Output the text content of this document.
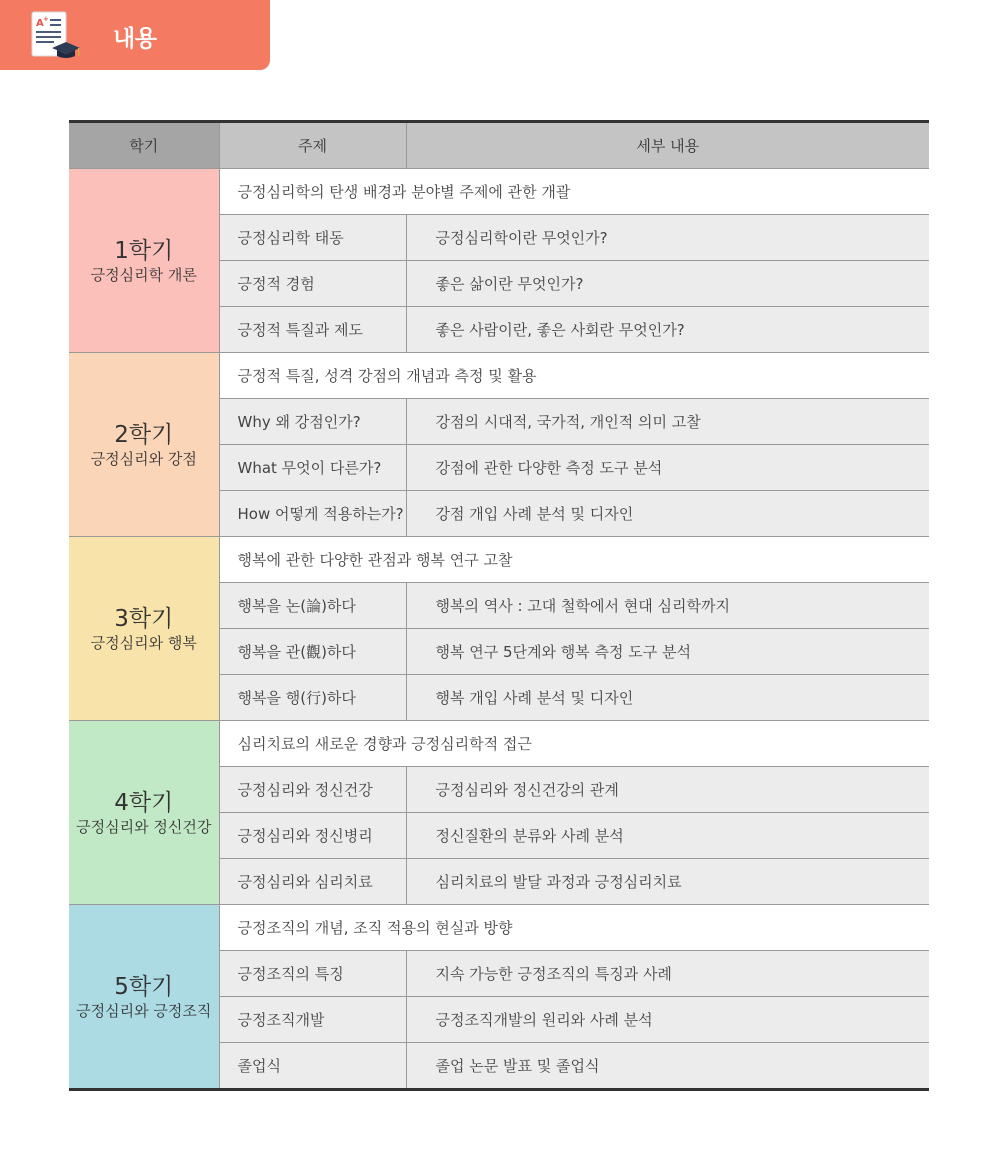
A +
내용
학기	주제	세부 내용

1학기
긍정심리학 개론	긍정심리학의 탄생 배경과 분야별 주제에 관한 개괄	
	긍정심리학 태동	긍정심리학이란 무엇인가?
	긍정적 경험	좋은 삶이란 무엇인가?
	긍정적 특질과 제도	좋은 사람이란, 좋은 사회란 무엇인가?

2학기
긍정심리와 강점	긍정적 특질, 성격 강점의 개념과 측정 및 활용	
	Why 왜 강점인가?	강점의 시대적, 국가적, 개인적 의미 고찰
	What 무엇이 다른가?	강점에 관한 다양한 측정 도구 분석
	How 어떻게 적용하는가?	강점 개입 사례 분석 및 디자인

3학기
긍정심리와 행복	행복에 관한 다양한 관점과 행복 연구 고찰	
	행복을 논(論)하다	행복의 역사 : 고대 철학에서 현대 심리학까지
	행복을 관(觀)하다	행복 연구 5단계와 행복 측정 도구 분석
	행복을 행(行)하다	행복 개입 사례 분석 및 디자인

4학기
긍정심리와 정신건강	심리치료의 새로운 경향과 긍정심리학적 접근	
	긍정심리와 정신건강	긍정심리와 정신건강의 관계
	긍정심리와 정신병리	정신질환의 분류와 사례 분석
	긍정심리와 심리치료	심리치료의 발달 과정과 긍정심리치료

5학기
긍정심리와 긍정조직	긍정조직의 개념, 조직 적용의 현실과 방향	
	긍정조직의 특징	지속 가능한 긍정조직의 특징과 사례
	긍정조직개발	긍정조직개발의 원리와 사례 분석
	졸업식	졸업 논문 발표 및 졸업식
